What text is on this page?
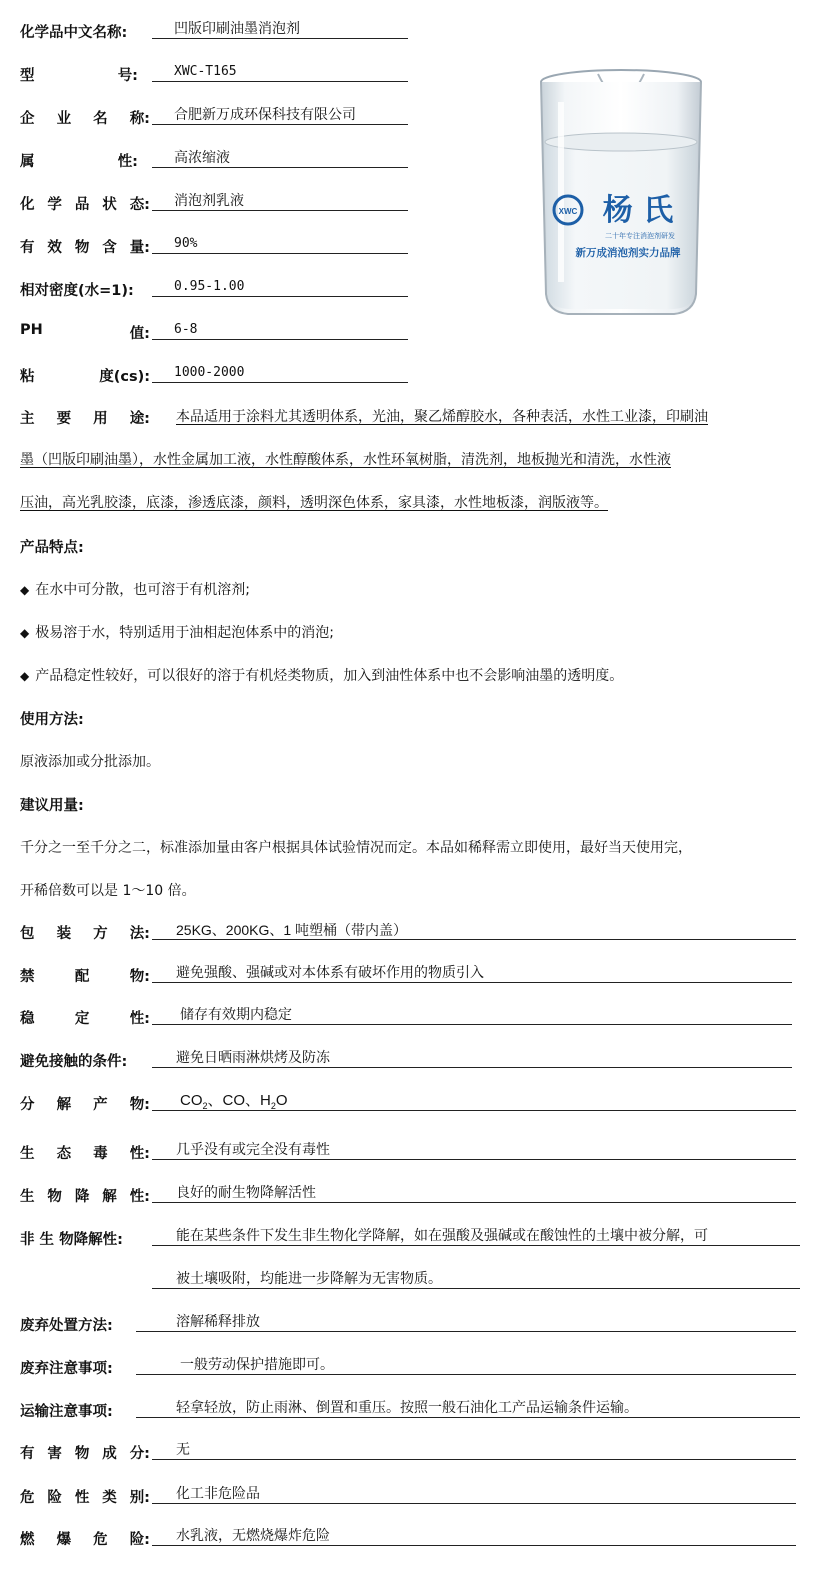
化学品中文名称:	凹版印刷油墨消泡剂
型	号:	XWC-T165
企 业 名 称:	合肥新万成环保科技有限公司
属	性:	高浓缩液
化 学 品 状 态:	消泡剂乳液
有 效 物 含 量:	90%
相对密度(水=1):	0.95-1.00
PH	值:	6-8
粘	度(cs):	1000-2000
XWC 杨 氏
二十年专注消泡剂研发
新万成消泡剂实力品牌
主 要 用 途:	本品适用于涂料尤其透明体系，光油，聚乙烯醇胶水，各种表活，水性工业漆，印刷油
墨（凹版印刷油墨），水性金属加工液，水性醇酸体系，水性环氧树脂，清洗剂，地板抛光和清洗，水性液
压油，高光乳胶漆，底漆，渗透底漆，颜料，透明深色体系，家具漆，水性地板漆，润版液等。
产品特点:
◆ 在水中可分散，也可溶于有机溶剂;
◆ 极易溶于水，特别适用于油相起泡体系中的消泡;
◆ 产品稳定性较好，可以很好的溶于有机烃类物质，加入到油性体系中也不会影响油墨的透明度。
使用方法:
原液添加或分批添加。
建议用量:
千分之一至千分之二，标准添加量由客户根据具体试验情况而定。本品如稀释需立即使用，最好当天使用完，
开稀倍数可以是 1～10 倍。
包 装 方 法:	25KG、200KG、1 吨塑桶（带内盖）
禁	配	物:	避免强酸、强碱或对本体系有破坏作用的物质引入
稳	定	性:	储存有效期内稳定
避免接触的条件:	避免日晒雨淋烘烤及防冻
分 解 产 物:	$CO_2$、CO、$H_2O$
生 态 毒 性:	几乎没有或完全没有毒性
生 物 降 解 性:	良好的耐生物降解活性
非 生 物降解性:	能在某些条件下发生非生物化学降解，如在强酸及强碱或在酸蚀性的土壤中被分解，可
被土壤吸附，均能进一步降解为无害物质。
废弃处置方法:	溶解稀释排放
废弃注意事项:	一般劳动保护措施即可。
运输注意事项:	轻拿轻放，防止雨淋、倒置和重压。按照一般石油化工产品运输条件运输。
有 害 物 成 分:	无
危 险 性 类 别:	化工非危险品
燃 爆 危 险:	水乳液，无燃烧爆炸危险
